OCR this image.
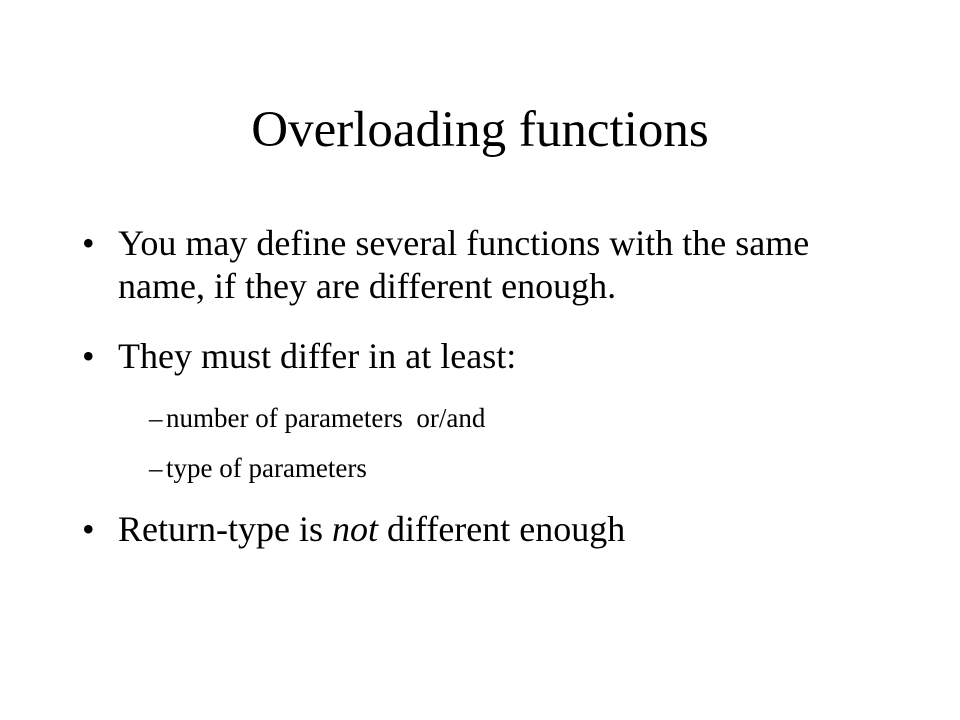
Overloading functions
• You may define several functions with the same name, if they are different enough.
• They must differ in at least:
– number of parameters  or/and
– type of parameters
• Return-type is not different enough
